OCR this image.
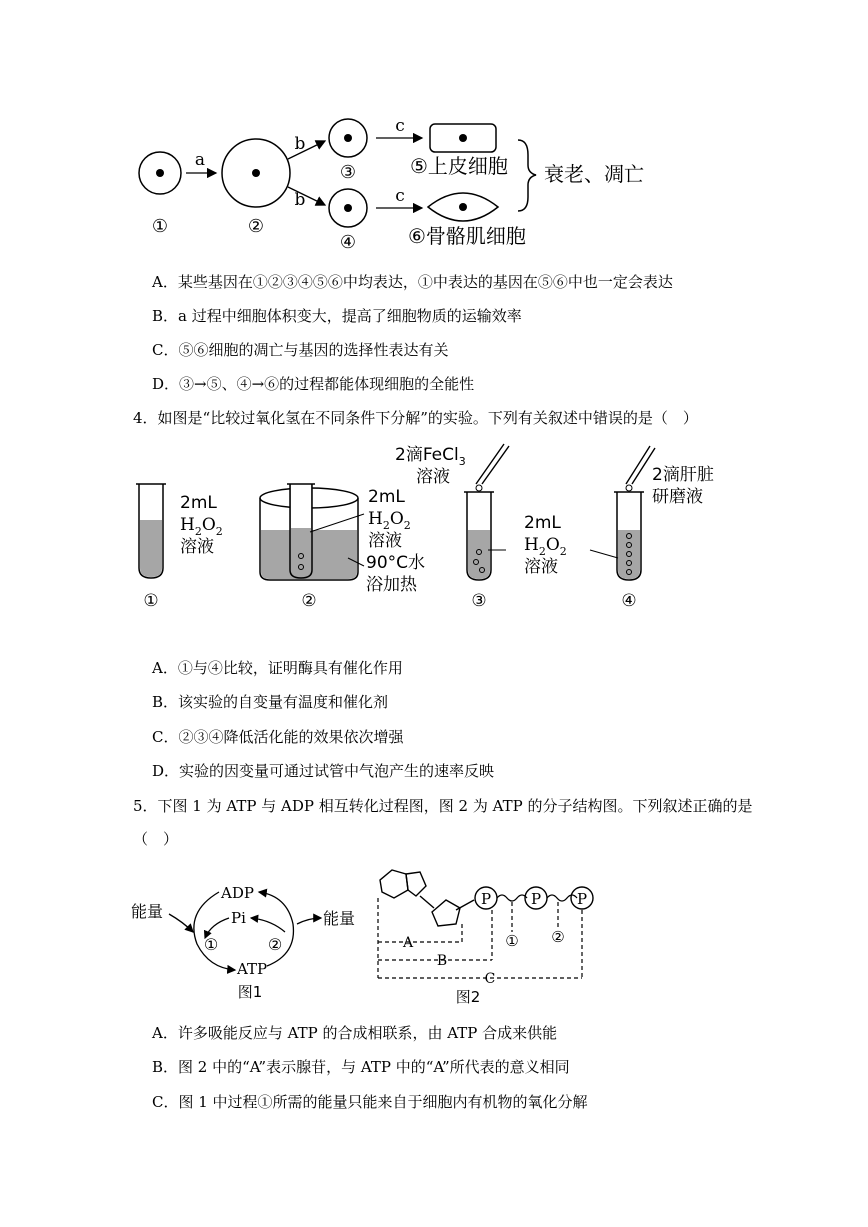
①
a
②
b
b
③
④
c
c
⑤上皮细胞
⑥骨骼肌细胞
衰老、凋亡
A．某些基因在①②③④⑤⑥中均表达，①中表达的基因在⑤⑥中也一定会表达
B．a 过程中细胞体积变大，提高了细胞物质的运输效率
C．⑤⑥细胞的凋亡与基因的选择性表达有关
D．③→⑤、④→⑥的过程都能体现细胞的全能性
4．如图是“比较过氧化氢在不同条件下分解”的实验。下列有关叙述中错误的是（　）
2mL
$H_2O_2$
溶液
①
2mL
$H_2O_2$
溶液
90°C水
浴加热
②
2滴FeCl$_3$
溶液
2mL
$H_2O_2$
溶液
③
2滴肝脏
研磨液
④
A．①与④比较，证明酶具有催化作用
B．该实验的自变量有温度和催化剂
C．②③④降低活化能的效果依次增强
D．实验的因变量可通过试管中气泡产生的速率反映
5．下图 1 为 ATP 与 ADP 相互转化过程图，图 2 为 ATP 的分子结构图。下列叙述正确的是
（　）
ADP
Pi
ATP
能量	能量
①	②
图1
P	P P
A
B
C
① ②
图2
A．许多吸能反应与 ATP 的合成相联系，由 ATP 合成来供能
B．图 2 中的“A”表示腺苷，与 ATP 中的“A”所代表的意义相同
C．图 1 中过程①所需的能量只能来自于细胞内有机物的氧化分解
